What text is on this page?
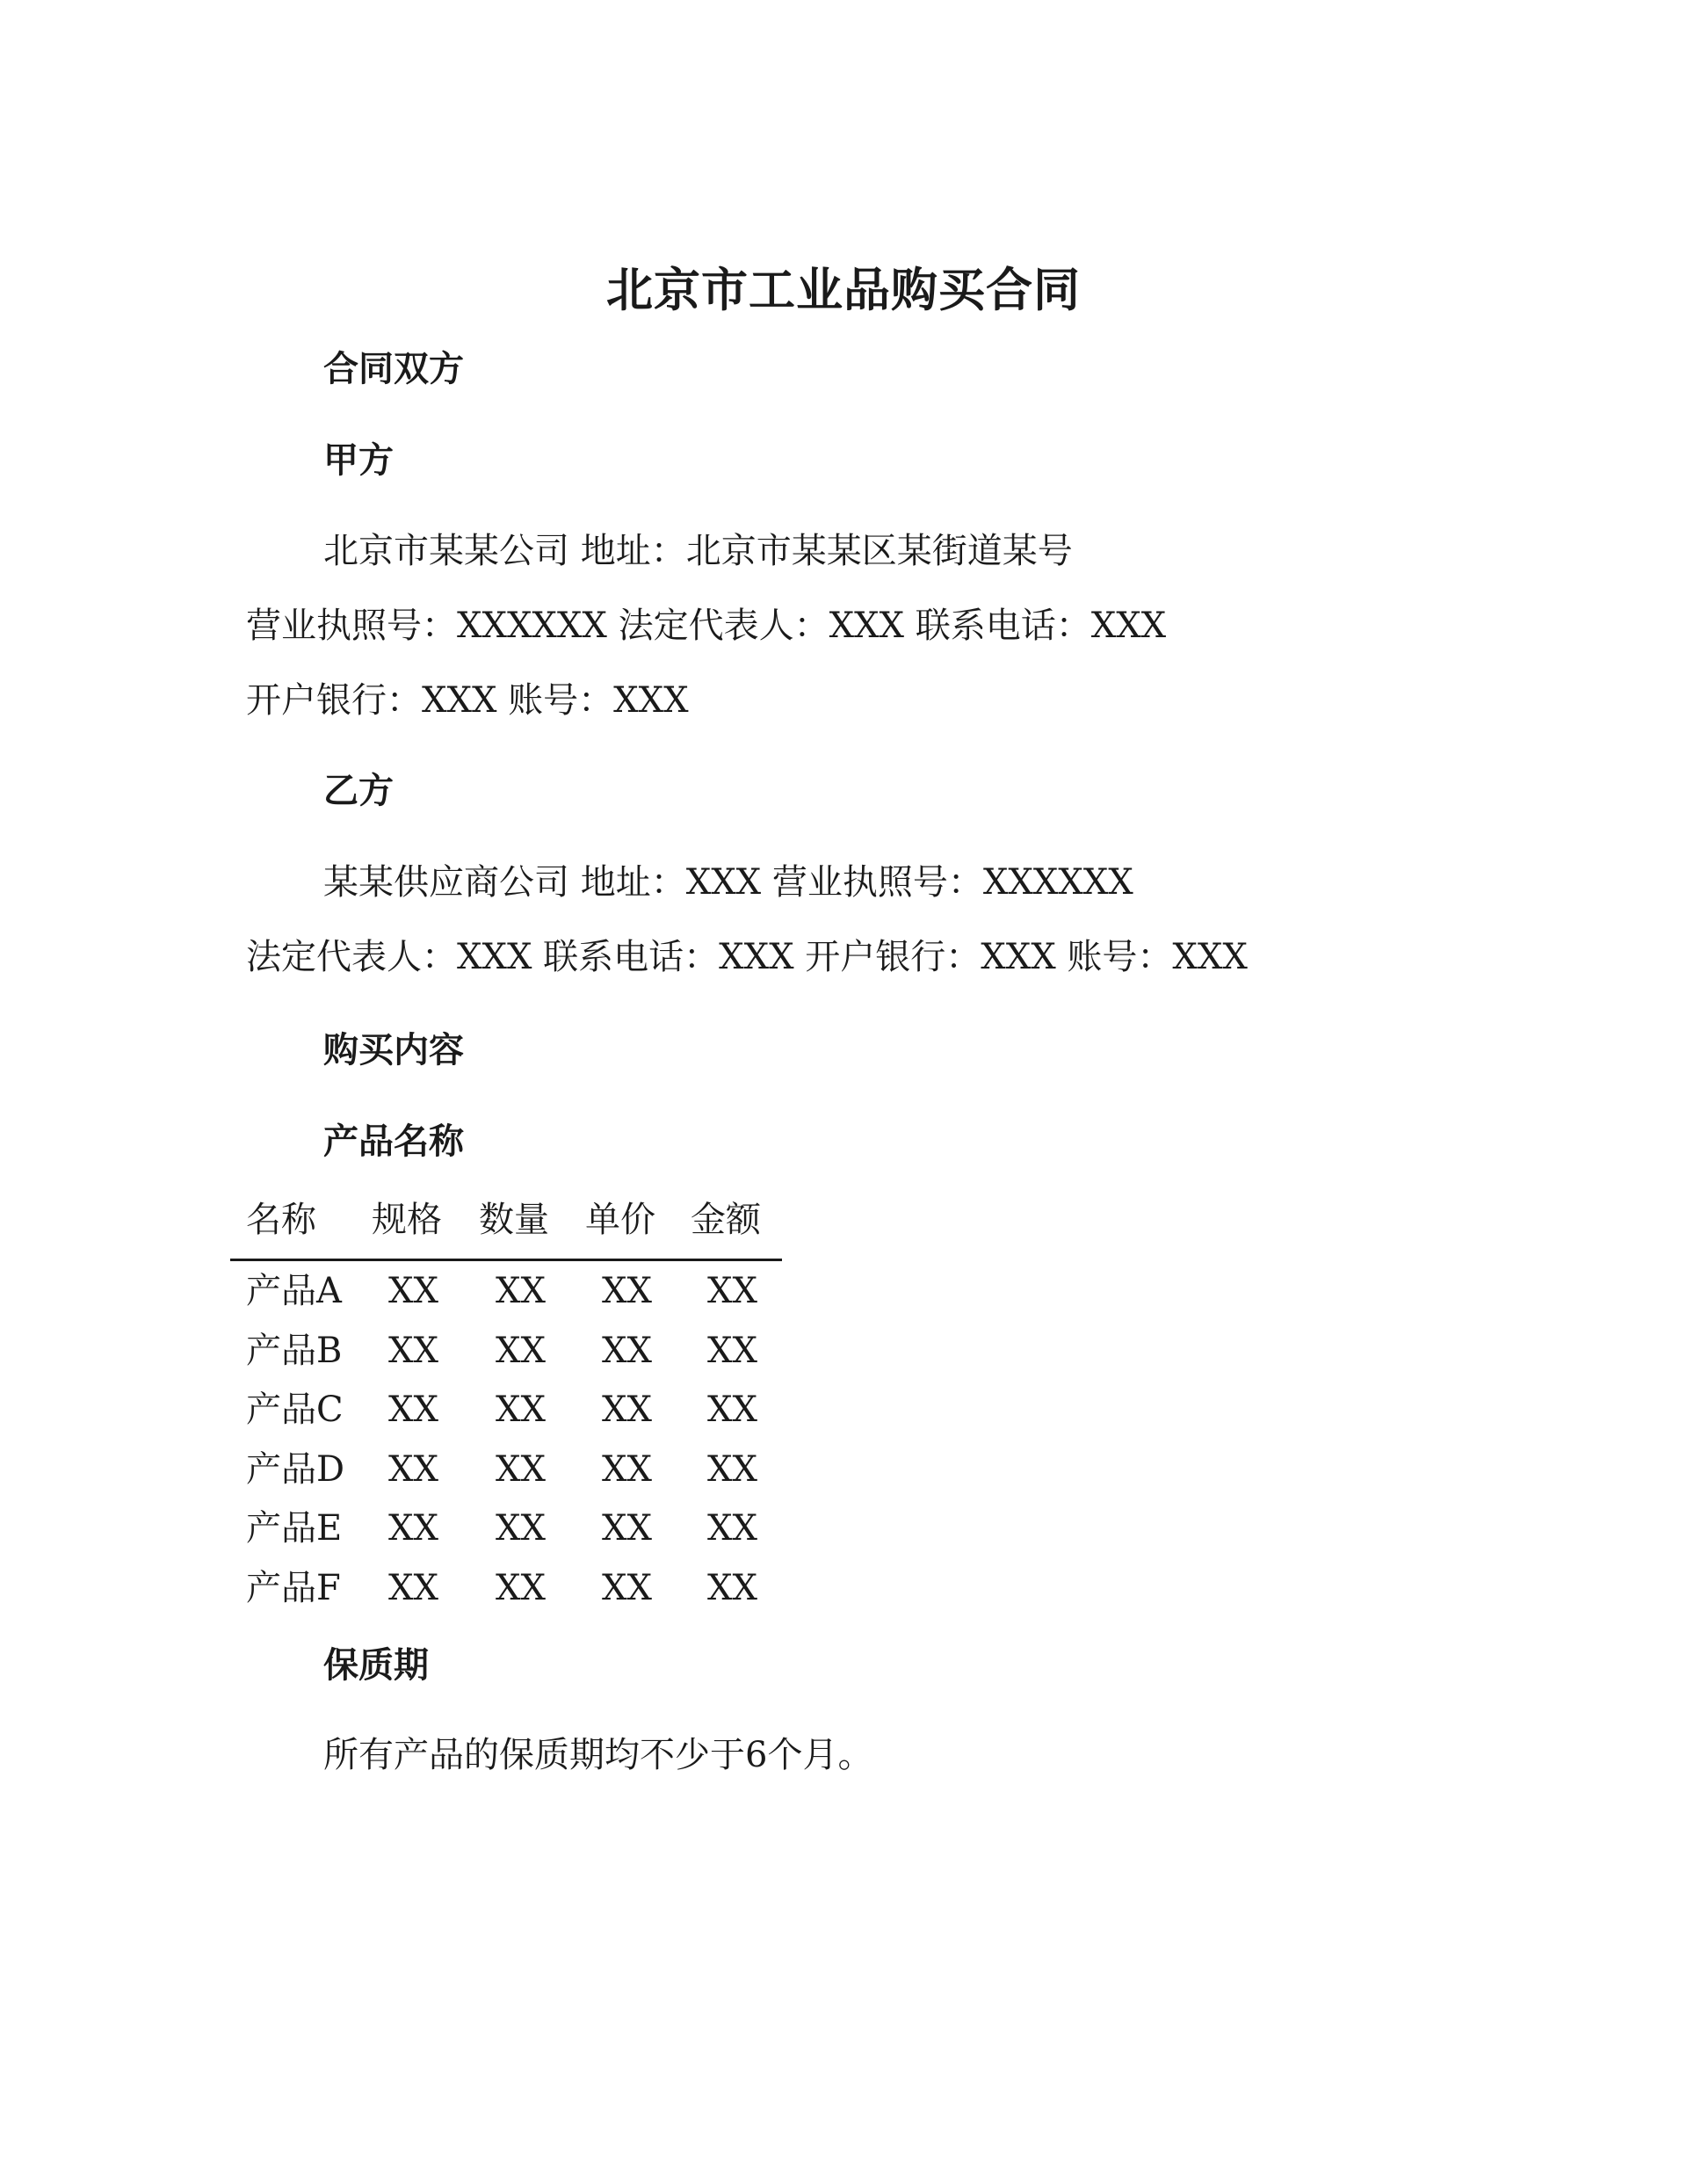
北京市工业品购买合同
合同双方
甲方
北京市某某公司 地址：北京市某某区某街道某号
营业执照号：XXXXXX 法定代表人：XXX 联系电话：XXX
开户银行：XXX 账号：XXX
乙方
某某供应商公司 地址：XXX 营业执照号：XXXXXX
法定代表人：XXX 联系电话：XXX 开户银行：XXX 账号：XXX
购买内容
产品名称
名称 规格 数量 单价 金额
产品A XX XX XX XX
产品B XX XX XX XX
产品C XX XX XX XX
产品D XX XX XX XX
产品E XX XX XX XX
产品F XX XX XX XX
保质期
所有产品的保质期均不少于6个月。
